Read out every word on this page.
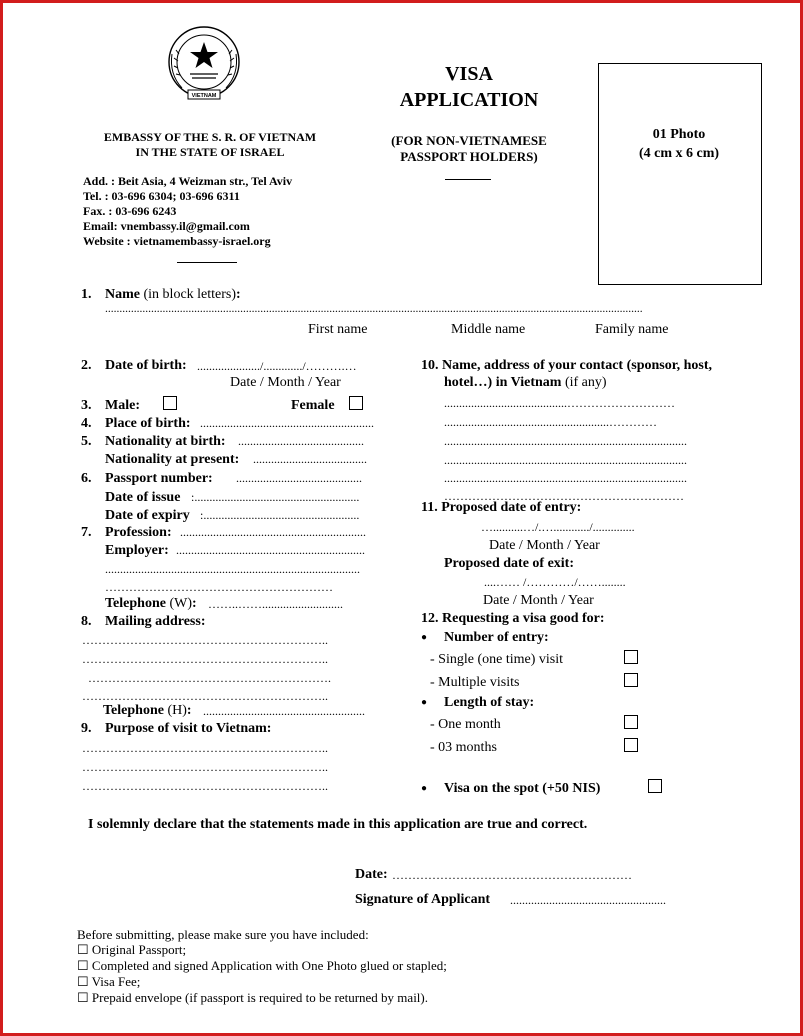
VIETNAM
EMBASSY OF THE S. R. OF VIETNAM
IN THE STATE OF ISRAEL
Add. : Beit Asia, 4 Weizman str., Tel Aviv
Tel. : 03-696 6304; 03-696 6311
Fax. : 03-696 6243
Email: vnembassy.il@gmail.com
Website : vietnamembassy-israel.org
VISA
APPLICATION
(FOR NON-VIETNAMESE
PASSPORT HOLDERS)
01 Photo
(4 cm x 6 cm)
1. Name (in block letters):
...........................................................................................................................................................................................
First name	Middle name	Family name
2. Date of birth: ...................../............./……….…
Date / Month / Year
3. Male:	Female
4. Place of birth: ..........................................................
5. Nationality at birth: ..........................................
Nationality at present: ......................................
6. Passport number: ..........................................
Date of issue :.......................................................
Date of expiry :....................................................
7. Profession: ..............................................................
Employer: ...............................................................
.....................................................................................
…………………………………………………
Telephone (W): ……..……...........................
8. Mailing address:
……………………………………………………..
……………………………………………………..
…………………………………………………….
……………………………………………………..
Telephone (H): ......................................................
9. Purpose of visit to Vietnam:
……………………………………………………..
……………………………………………………..
……………………………………………………..
10. Name, address of your contact (sponsor, host,
hotel…) in Vietnam (if any)
.........................................………………………
.......................................................…………
.................................................................................
.................................................................................
.................................................................................
……………………………………………………
11. Proposed date of entry:
…..........…/.…............/..............
Date / Month / Year
Proposed date of exit:
....…… /…………/……........
Date / Month / Year
12. Requesting a visa good for:
● Number of entry:
- Single (one time) visit
- Multiple visits
● Length of stay:
- One month
- 03 months
● Visa on the spot (+50 NIS)
I solemnly declare that the statements made in this application are true and correct.
Date: ……………………………………………………
Signature of Applicant ....................................................
Before submitting, please make sure you have included:
☐ Original Passport;
☐ Completed and signed Application with One Photo glued or stapled;
☐ Visa Fee;
☐ Prepaid envelope (if passport is required to be returned by mail).
